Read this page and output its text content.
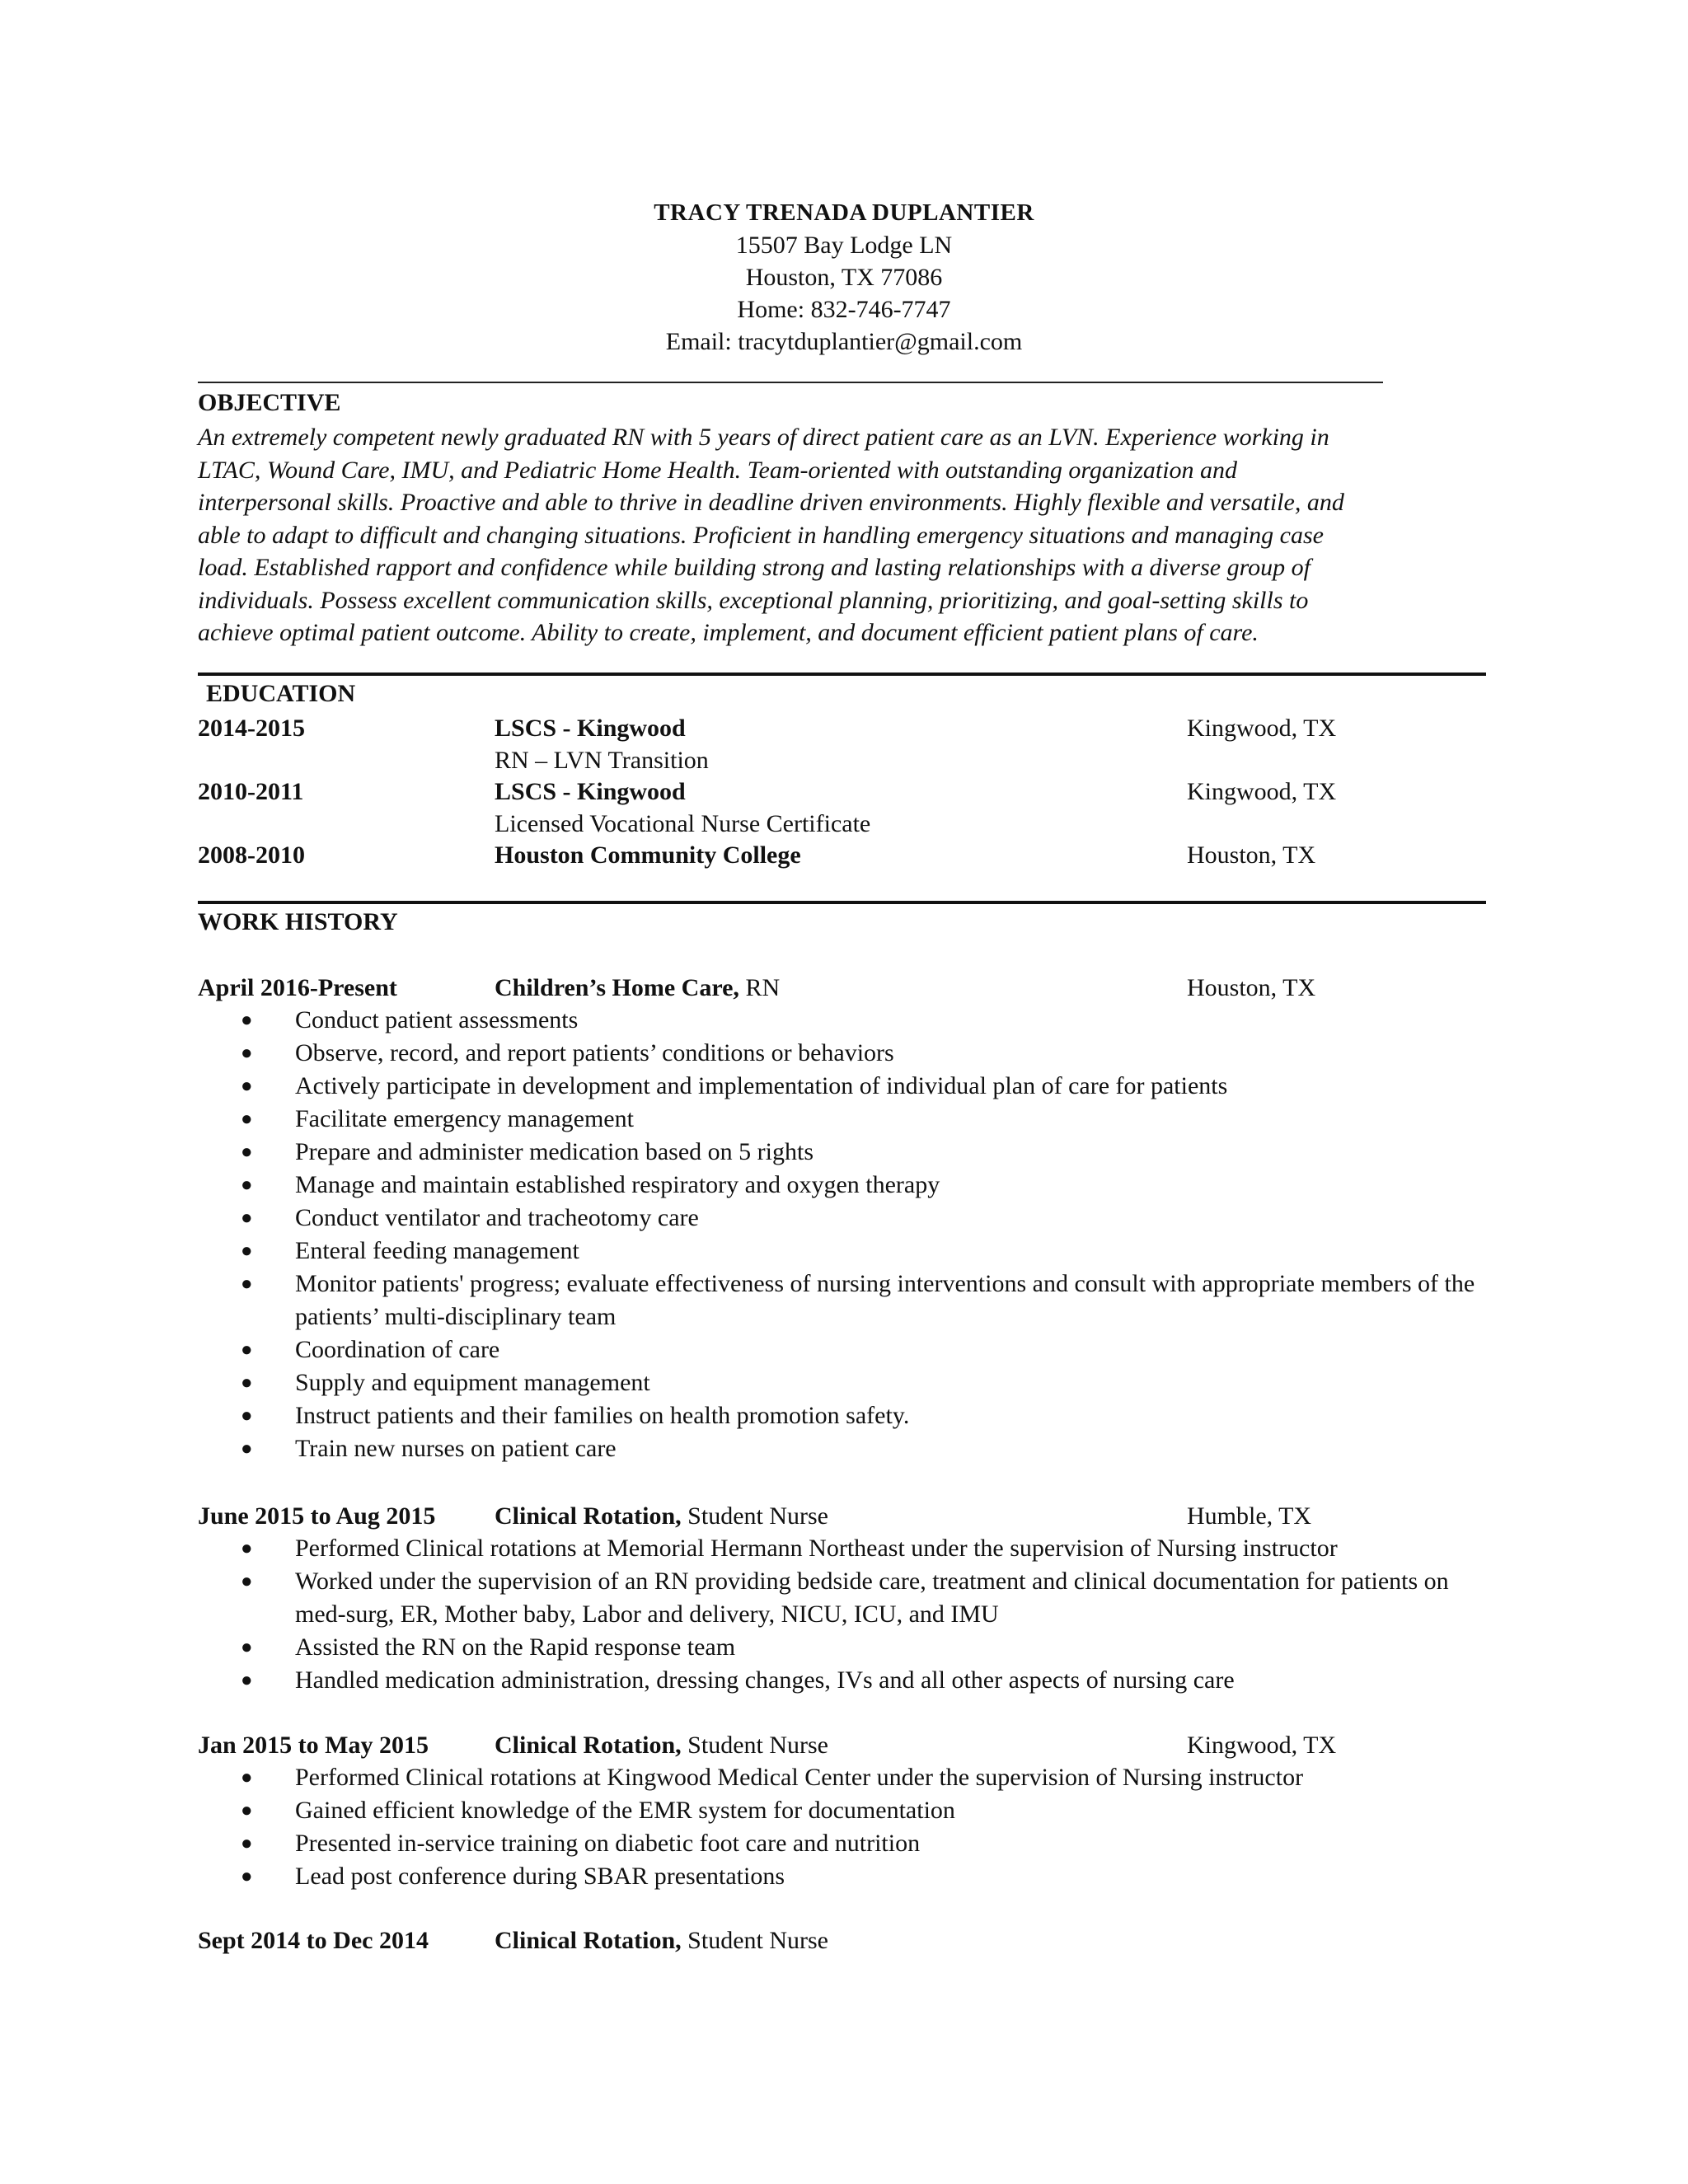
TRACY TRENADA DUPLANTIER
15507 Bay Lodge LN
Houston, TX 77086
Home: 832-746-7747
Email: tracytduplantier@gmail.com
OBJECTIVE
An extremely competent newly graduated RN with 5 years of direct patient care as an LVN. Experience working in
LTAC, Wound Care, IMU, and Pediatric Home Health. Team-oriented with outstanding organization and
interpersonal skills. Proactive and able to thrive in deadline driven environments. Highly flexible and versatile, and
able to adapt to difficult and changing situations. Proficient in handling emergency situations and managing case
load. Established rapport and confidence while building strong and lasting relationships with a diverse group of
individuals. Possess excellent communication skills, exceptional planning, prioritizing, and goal-setting skills to
achieve optimal patient outcome. Ability to create, implement, and document efficient patient plans of care.
EDUCATION
2014-2015	LSCS - Kingwood	Kingwood, TX
RN – LVN Transition
2010-2011	LSCS - Kingwood	Kingwood, TX
Licensed Vocational Nurse Certificate
2008-2010	Houston Community College	Houston, TX
WORK HISTORY
April 2016-Present	Children’s Home Care, RN	Houston, TX
● Conduct patient assessments
● Observe, record, and report patients’ conditions or behaviors
● Actively participate in development and implementation of individual plan of care for patients
● Facilitate emergency management
● Prepare and administer medication based on 5 rights
● Manage and maintain established respiratory and oxygen therapy
● Conduct ventilator and tracheotomy care
● Enteral feeding management
● Monitor patients' progress; evaluate effectiveness of nursing interventions and consult with appropriate members of the patients’ multi-disciplinary team
● Coordination of care
● Supply and equipment management
● Instruct patients and their families on health promotion safety.
● Train new nurses on patient care
June 2015 to Aug 2015 Clinical Rotation, Student Nurse	Humble, TX
● Performed Clinical rotations at Memorial Hermann Northeast under the supervision of Nursing instructor
● Worked under the supervision of an RN providing bedside care, treatment and clinical documentation for patients on med-surg, ER, Mother baby, Labor and delivery, NICU, ICU, and IMU
● Assisted the RN on the Rapid response team
● Handled medication administration, dressing changes, IVs and all other aspects of nursing care
Jan 2015 to May 2015	Clinical Rotation, Student Nurse	Kingwood, TX
● Performed Clinical rotations at Kingwood Medical Center under the supervision of Nursing instructor
● Gained efficient knowledge of the EMR system for documentation
● Presented in-service training on diabetic foot care and nutrition
● Lead post conference during SBAR presentations
Sept 2014 to Dec 2014	Clinical Rotation, Student Nurse
